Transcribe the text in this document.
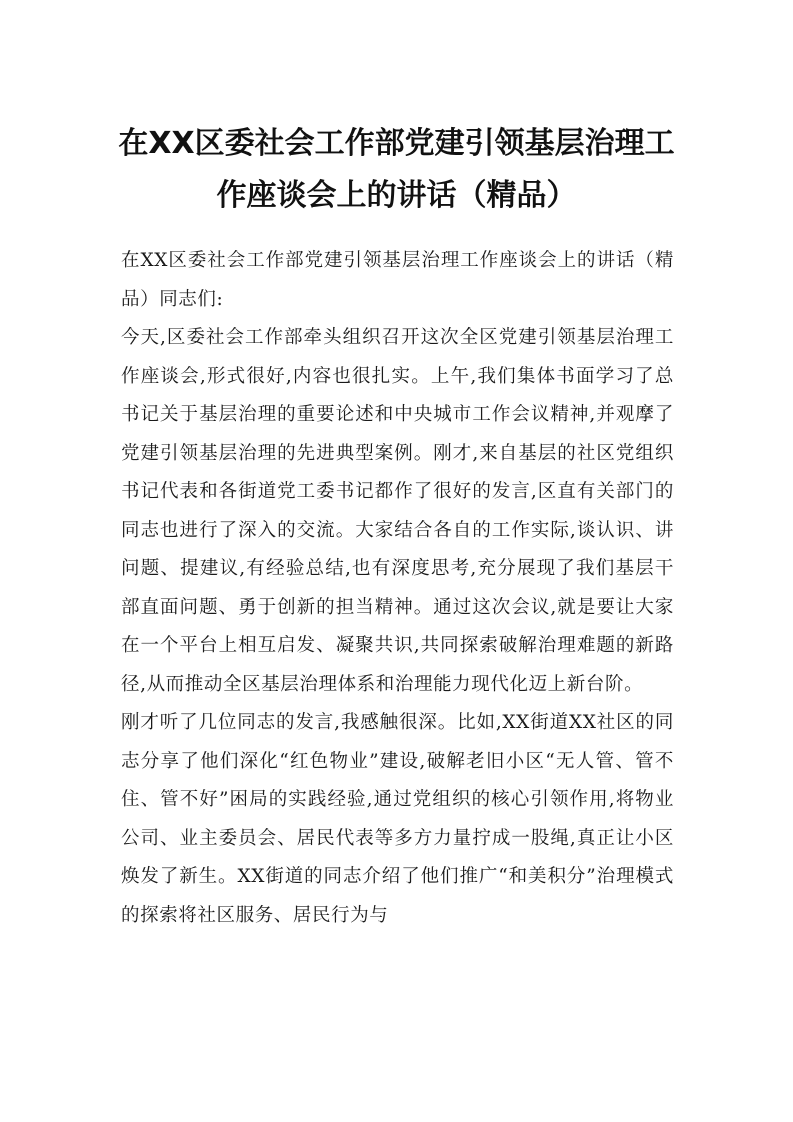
在XX区委社会工作部党建引领基层治理工作座谈会上的讲话（精品）

在XX区委社会工作部党建引领基层治理工作座谈会上的讲话（精品）同志们:

今天,区委社会工作部牵头组织召开这次全区党建引领基层治理工作座谈会,形式很好,内容也很扎实。上午,我们集体书面学习了总书记关于基层治理的重要论述和中央城市工作会议精神,并观摩了党建引领基层治理的先进典型案例。刚才,来自基层的社区党组织书记代表和各街道党工委书记都作了很好的发言,区直有关部门的同志也进行了深入的交流。大家结合各自的工作实际,谈认识、讲问题、提建议,有经验总结,也有深度思考,充分展现了我们基层干部直面问题、勇于创新的担当精神。通过这次会议,就是要让大家在一个平台上相互启发、凝聚共识,共同探索破解治理难题的新路径,从而推动全区基层治理体系和治理能力现代化迈上新台阶。

刚才听了几位同志的发言,我感触很深。比如,XX街道XX社区的同志分享了他们深化“红色物业”建设,破解老旧小区“无人管、管不住、管不好”困局的实践经验,通过党组织的核心引领作用,将物业公司、业主委员会、居民代表等多方力量拧成一股绳,真正让小区焕发了新生。XX街道的同志介绍了他们推广“和美积分”治理模式的探索将社区服务、居民行为与
